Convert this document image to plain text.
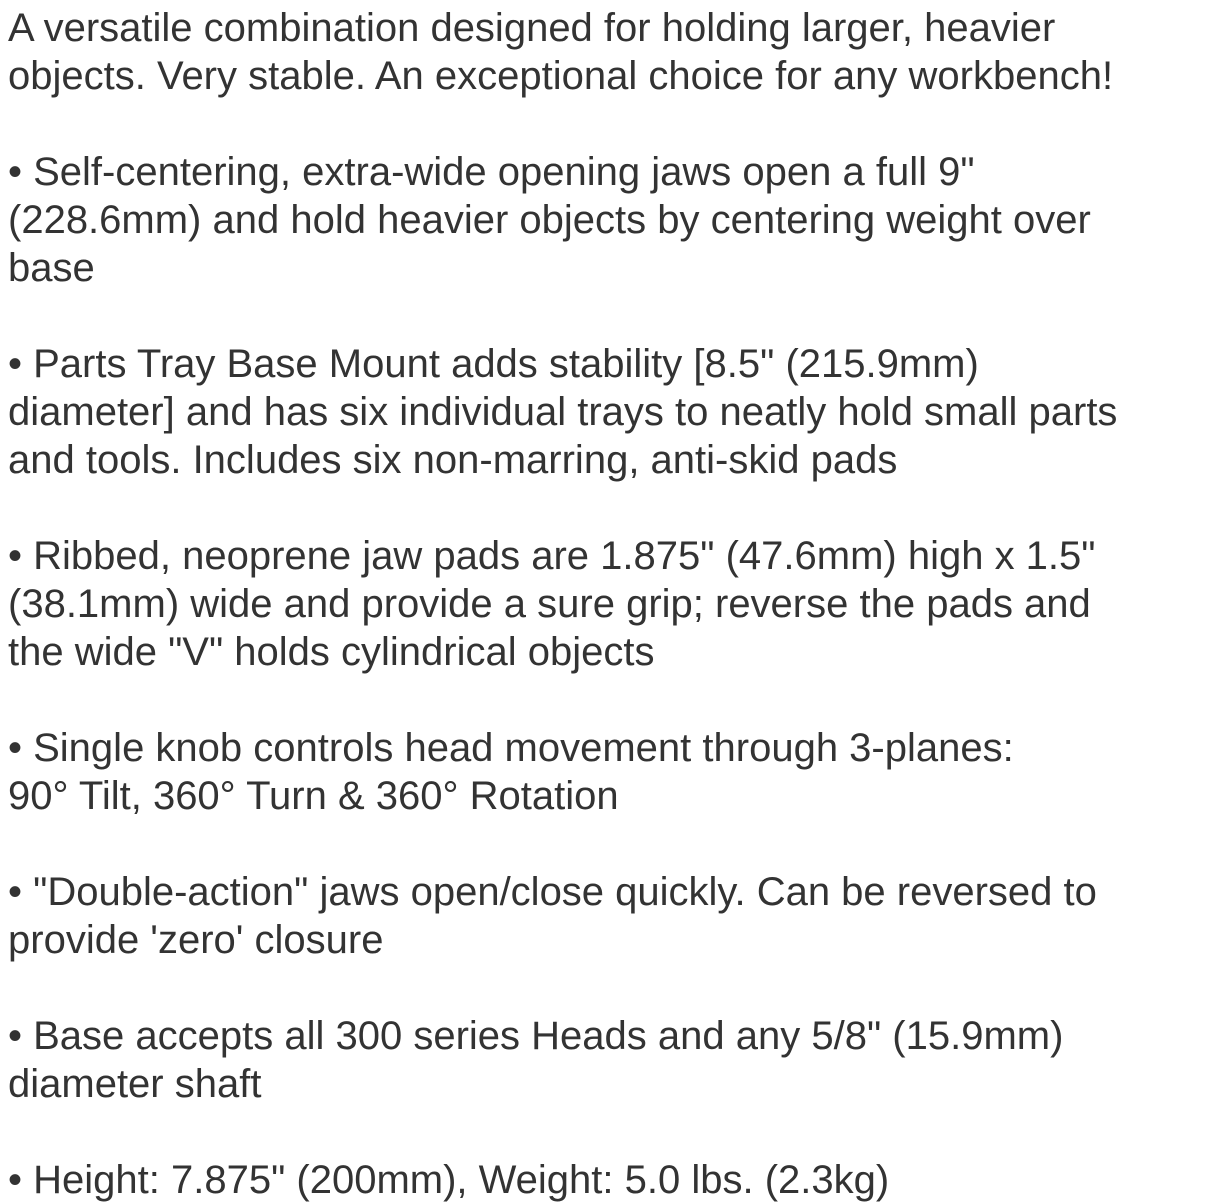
A versatile combination designed for holding larger, heavier
objects. Very stable. An exceptional choice for any workbench!
• Self-centering, extra-wide opening jaws open a full 9"
(228.6mm) and hold heavier objects by centering weight over
base
• Parts Tray Base Mount adds stability [8.5" (215.9mm)
diameter] and has six individual trays to neatly hold small parts
and tools. Includes six non-marring, anti-skid pads
• Ribbed, neoprene jaw pads are 1.875" (47.6mm) high x 1.5"
(38.1mm) wide and provide a sure grip; reverse the pads and
the wide "V" holds cylindrical objects
• Single knob controls head movement through 3-planes:
90° Tilt, 360° Turn & 360° Rotation
• "Double-action" jaws open/close quickly. Can be reversed to
provide 'zero' closure
• Base accepts all 300 series Heads and any 5/8" (15.9mm)
diameter shaft
• Height: 7.875" (200mm), Weight: 5.0 lbs. (2.3kg)
